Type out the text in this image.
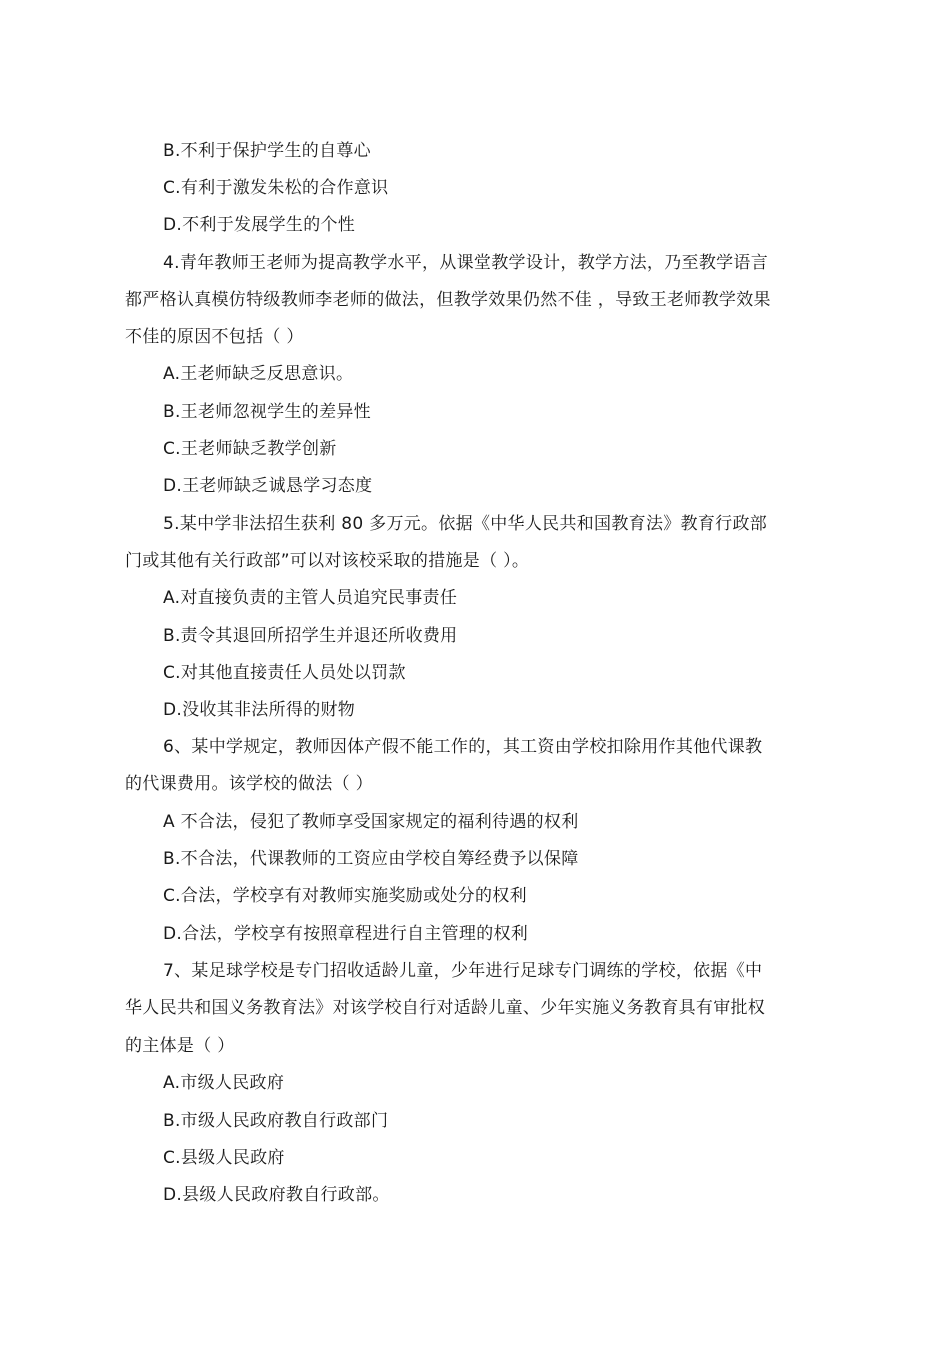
B.不利于保护学生的自尊心
C.有利于激发朱松的合作意识
D.不利于发展学生的个性
4.青年教师王老师为提高教学水平，从课堂教学设计，教学方法，乃至教学语言
都严格认真模仿特级教师李老师的做法，但教学效果仍然不佳 ，导致王老师教学效果
不佳的原因不包括（ ）
A.王老师缺乏反思意识。
B.王老师忽视学生的差异性
C.王老师缺乏教学创新
D.王老师缺乏诚恳学习态度
5.某中学非法招生获利 80 多万元。依据《中华人民共和国教育法》教育行政部
门或其他有关行政部”可以对该校采取的措施是（ ）。
A.对直接负责的主管人员追究民事责任
B.责令其退回所招学生并退还所收费用
C.对其他直接责任人员处以罚款
D.没收其非法所得的财物
6、某中学规定，教师因体产假不能工作的，其工资由学校扣除用作其他代课教
的代课费用。该学校的做法（ ）
A 不合法，侵犯了教师享受国家规定的福利待遇的权利
B.不合法，代课教师的工资应由学校自筹经费予以保障
C.合法，学校享有对教师实施奖励或处分的权利
D.合法，学校享有按照章程进行自主管理的权利
7、某足球学校是专门招收适龄儿童，少年进行足球专门调练的学校，依据《中
华人民共和国义务教育法》对该学校自行对适龄儿童、少年实施义务教育具有审批权
的主体是（ ）
A.市级人民政府
B.市级人民政府教自行政部门
C.县级人民政府
D.县级人民政府教自行政部。
